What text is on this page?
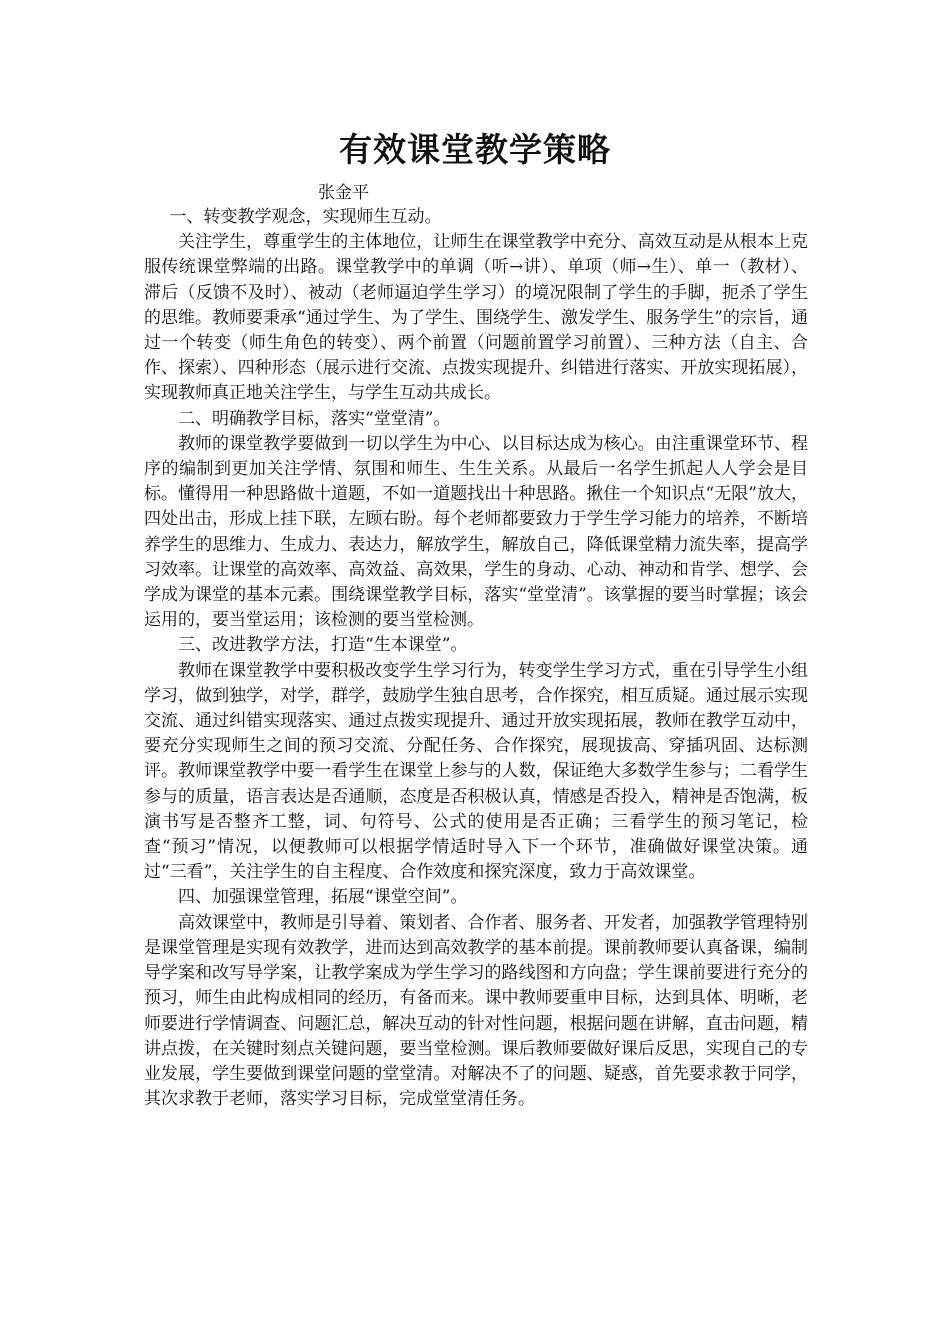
有效课堂教学策略

张金平

一、转变教学观念，实现师生互动。

关注学生，尊重学生的主体地位，让师生在课堂教学中充分、高效互动是从根本上克服传统课堂弊端的出路。课堂教学中的单调（听→讲）、单项（师→生）、单一（教材）、滞后（反馈不及时）、被动（老师逼迫学生学习）的境况限制了学生的手脚，扼杀了学生的思维。教师要秉承“通过学生、为了学生、围绕学生、激发学生、服务学生”的宗旨，通过一个转变（师生角色的转变）、两个前置（问题前置学习前置）、三种方法（自主、合作、探索）、四种形态（展示进行交流、点拨实现提升、纠错进行落实、开放实现拓展），实现教师真正地关注学生，与学生互动共成长。

二、明确教学目标，落实“堂堂清”。

教师的课堂教学要做到一切以学生为中心、以目标达成为核心。由注重课堂环节、程序的编制到更加关注学情、氛围和师生、生生关系。从最后一名学生抓起人人学会是目标。懂得用一种思路做十道题，不如一道题找出十种思路。揪住一个知识点“无限”放大，四处出击，形成上挂下联，左顾右盼。每个老师都要致力于学生学习能力的培养，不断培养学生的思维力、生成力、表达力，解放学生，解放自己，降低课堂精力流失率，提高学习效率。让课堂的高效率、高效益、高效果，学生的身动、心动、神动和肯学、想学、会学成为课堂的基本元素。围绕课堂教学目标，落实“堂堂清”。该掌握的要当时掌握；该会运用的，要当堂运用；该检测的要当堂检测。

三、改进教学方法，打造“生本课堂”。

教师在课堂教学中要积极改变学生学习行为，转变学生学习方式，重在引导学生小组学习，做到独学，对学，群学，鼓励学生独自思考，合作探究，相互质疑。通过展示实现交流、通过纠错实现落实、通过点拨实现提升、通过开放实现拓展，教师在教学互动中，要充分实现师生之间的预习交流、分配任务、合作探究，展现拔高、穿插巩固、达标测评。教师课堂教学中要一看学生在课堂上参与的人数，保证绝大多数学生参与；二看学生参与的质量，语言表达是否通顺，态度是否积极认真，情感是否投入，精神是否饱满，板演书写是否整齐工整，词、句符号、公式的使用是否正确；三看学生的预习笔记，检查“预习”情况，以便教师可以根据学情适时导入下一个环节，准确做好课堂决策。通过“三看”，关注学生的自主程度、合作效度和探究深度，致力于高效课堂。

四、加强课堂管理，拓展“课堂空间”。

高效课堂中，教师是引导着、策划者、合作者、服务者、开发者，加强教学管理特别是课堂管理是实现有效教学，进而达到高效教学的基本前提。课前教师要认真备课，编制导学案和改写导学案，让教学案成为学生学习的路线图和方向盘；学生课前要进行充分的预习，师生由此构成相同的经历，有备而来。课中教师要重申目标，达到具体、明晰，老师要进行学情调查、问题汇总，解决互动的针对性问题，根据问题在讲解，直击问题，精讲点拨，在关键时刻点关键问题，要当堂检测。课后教师要做好课后反思，实现自己的专业发展，学生要做到课堂问题的堂堂清。对解决不了的问题、疑惑，首先要求教于同学，其次求教于老师，落实学习目标，完成堂堂清任务。
